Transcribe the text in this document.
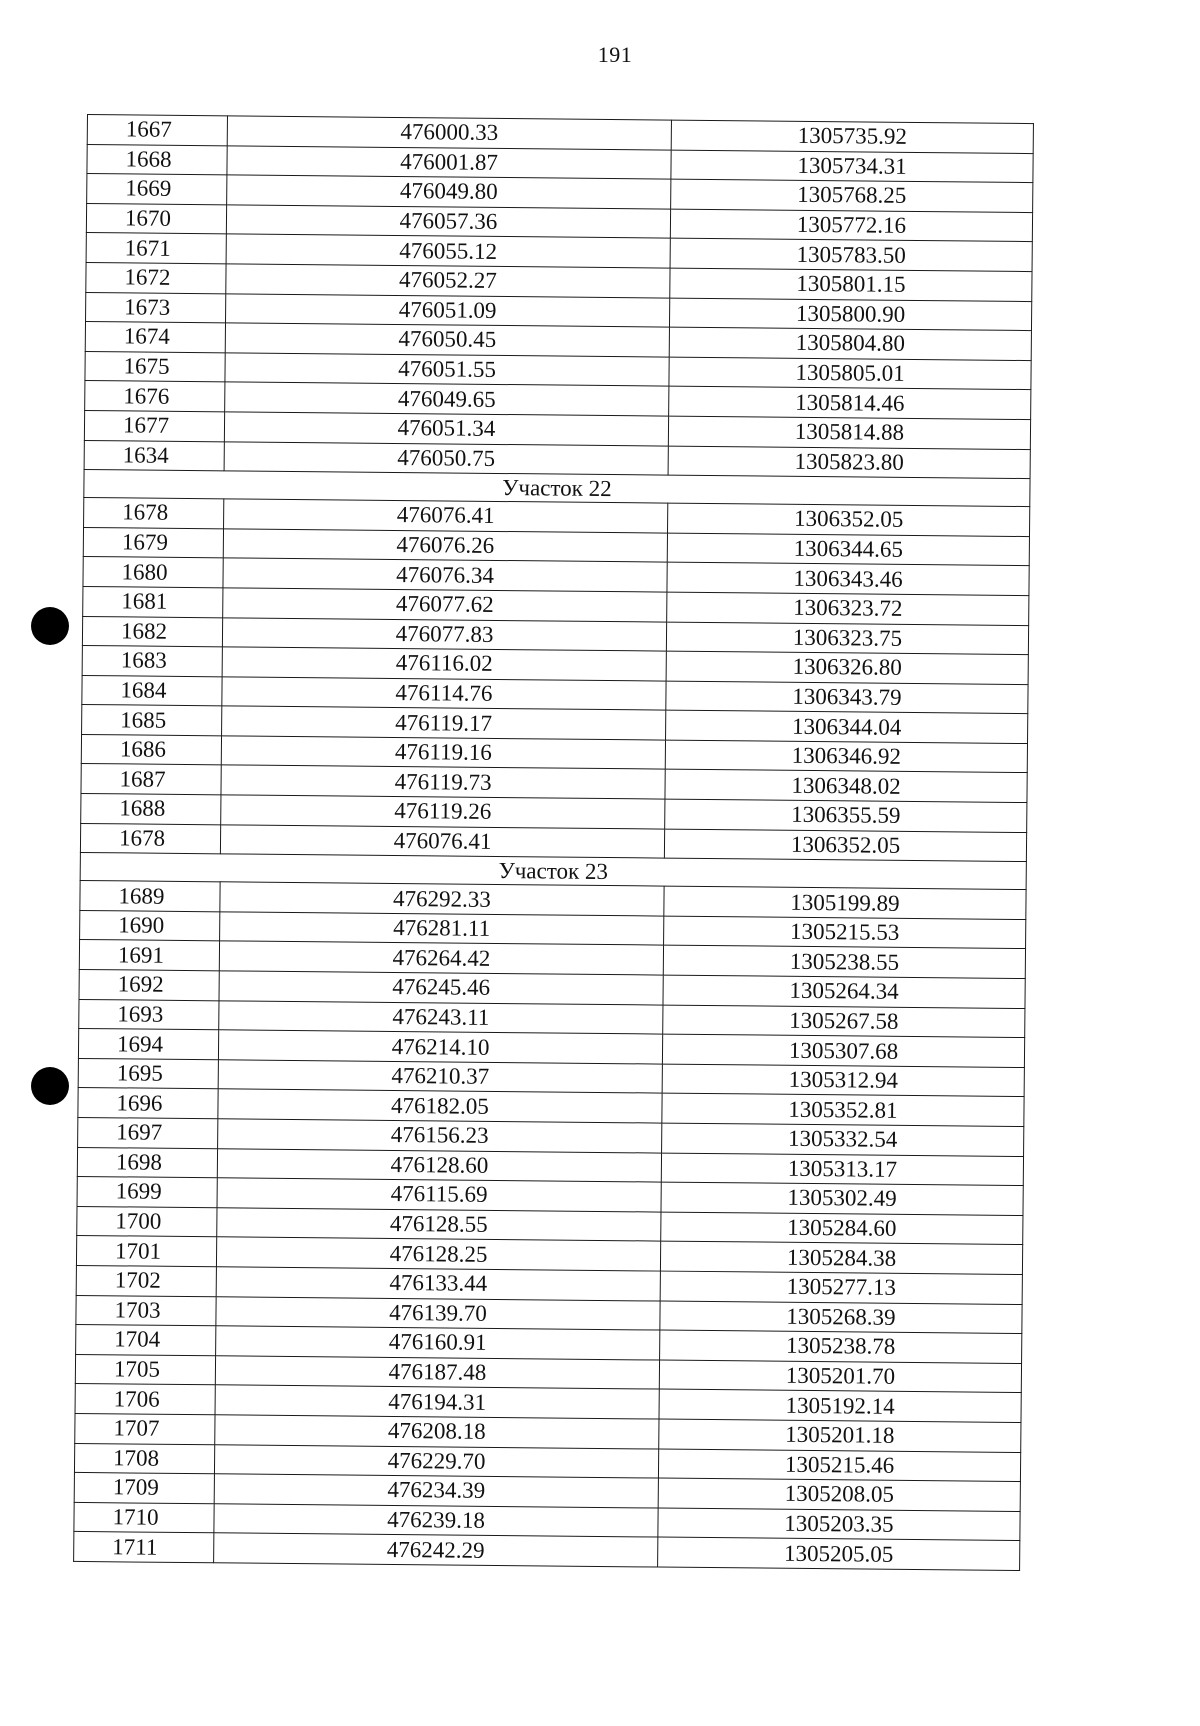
191
1667	476000.33	1305735.92
1668	476001.87	1305734.31
1669	476049.80	1305768.25
1670	476057.36	1305772.16
1671	476055.12	1305783.50
1672	476052.27	1305801.15
1673	476051.09	1305800.90
1674	476050.45	1305804.80
1675	476051.55	1305805.01
1676	476049.65	1305814.46
1677	476051.34	1305814.88
1634	476050.75	1305823.80
Участок 22		
1678	476076.41	1306352.05
1679	476076.26	1306344.65
1680	476076.34	1306343.46
1681	476077.62	1306323.72
1682	476077.83	1306323.75
1683	476116.02	1306326.80
1684	476114.76	1306343.79
1685	476119.17	1306344.04
1686	476119.16	1306346.92
1687	476119.73	1306348.02
1688	476119.26	1306355.59
1678	476076.41	1306352.05
Участок 23		
1689	476292.33	1305199.89
1690	476281.11	1305215.53
1691	476264.42	1305238.55
1692	476245.46	1305264.34
1693	476243.11	1305267.58
1694	476214.10	1305307.68
1695	476210.37	1305312.94
1696	476182.05	1305352.81
1697	476156.23	1305332.54
1698	476128.60	1305313.17
1699	476115.69	1305302.49
1700	476128.55	1305284.60
1701	476128.25	1305284.38
1702	476133.44	1305277.13
1703	476139.70	1305268.39
1704	476160.91	1305238.78
1705	476187.48	1305201.70
1706	476194.31	1305192.14
1707	476208.18	1305201.18
1708	476229.70	1305215.46
1709	476234.39	1305208.05
1710	476239.18	1305203.35
1711	476242.29	1305205.05
